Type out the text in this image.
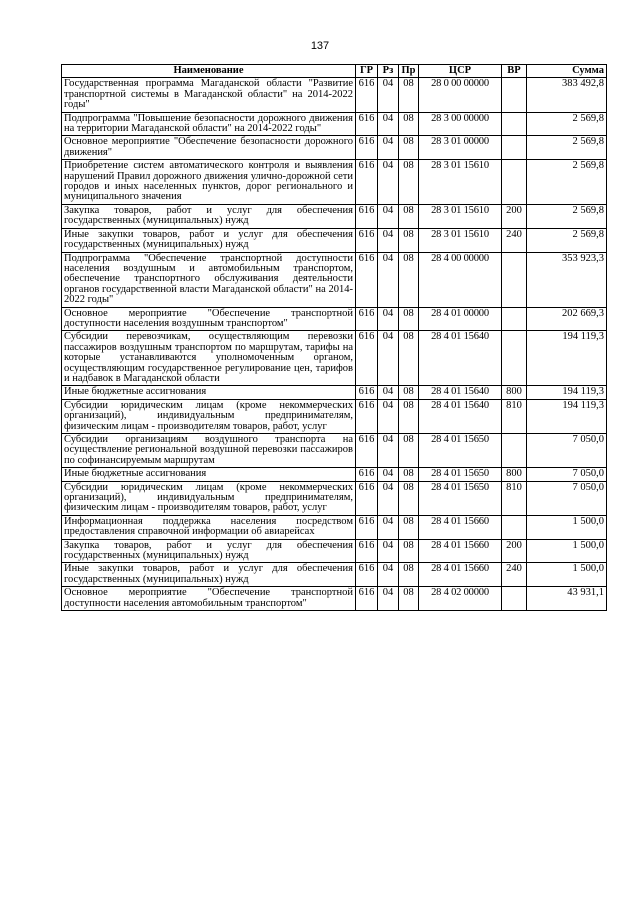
137
Наименование	ГР	Рз	Пр	ЦСР	ВР	Сумма
Государственная программа Магаданской области "Развитие транспортной системы в Магаданской области" на 2014-2022 годы"	616	04	08	28 0 00 00000		383 492,8
Подпрограмма "Повышение безопасности дорожного движения на территории Магаданской области" на 2014-2022 годы"	616	04	08	28 3 00 00000		2 569,8
Основное мероприятие "Обеспечение безопасности дорожного движения"	616	04	08	28 3 01 00000		2 569,8
Приобретение систем автоматического контроля и выявления нарушений Правил дорожного движения улично-дорожной сети городов и иных населенных пунктов, дорог регионального и муниципального значения	616	04	08	28 3 01 15610		2 569,8
Закупка товаров, работ и услуг для обеспечения государственных (муниципальных) нужд	616	04	08	28 3 01 15610	200	2 569,8
Иные закупки товаров, работ и услуг для обеспечения государственных (муниципальных) нужд	616	04	08	28 3 01 15610	240	2 569,8
Подпрограмма "Обеспечение транспортной доступности населения воздушным и автомобильным транспортом, обеспечение транспортного обслуживания деятельности органов государственной власти Магаданской области" на 2014-2022 годы"	616	04	08	28 4 00 00000		353 923,3
Основное мероприятие "Обеспечение транспортной доступности населения воздушным транспортом"	616	04	08	28 4 01 00000		202 669,3
Субсидии перевозчикам, осуществляющим перевозки пассажиров воздушным транспортом по маршрутам, тарифы на которые устанавливаются уполномоченным органом, осуществляющим государственное регулирование цен, тарифов и надбавок в Магаданской области	616	04	08	28 4 01 15640		194 119,3
Иные бюджетные ассигнования	616	04	08	28 4 01 15640	800	194 119,3
Субсидии юридическим лицам (кроме некоммерческих организаций), индивидуальным предпринимателям, физическим лицам - производителям товаров, работ, услуг	616	04	08	28 4 01 15640	810	194 119,3
Субсидии организациям воздушного транспорта на осуществление региональной воздушной перевозки пассажиров по софинансируемым маршрутам	616	04	08	28 4 01 15650		7 050,0
Иные бюджетные ассигнования	616	04	08	28 4 01 15650	800	7 050,0
Субсидии юридическим лицам (кроме некоммерческих организаций), индивидуальным предпринимателям, физическим лицам - производителям товаров, работ, услуг	616	04	08	28 4 01 15650	810	7 050,0
Информационная поддержка населения посредством предоставления справочной информации об авиарейсах	616	04	08	28 4 01 15660		1 500,0
Закупка товаров, работ и услуг для обеспечения государственных (муниципальных) нужд	616	04	08	28 4 01 15660	200	1 500,0
Иные закупки товаров, работ и услуг для обеспечения государственных (муниципальных) нужд	616	04	08	28 4 01 15660	240	1 500,0
Основное мероприятие "Обеспечение транспортной доступности населения автомобильным транспортом"	616	04	08	28 4 02 00000		43 931,1
